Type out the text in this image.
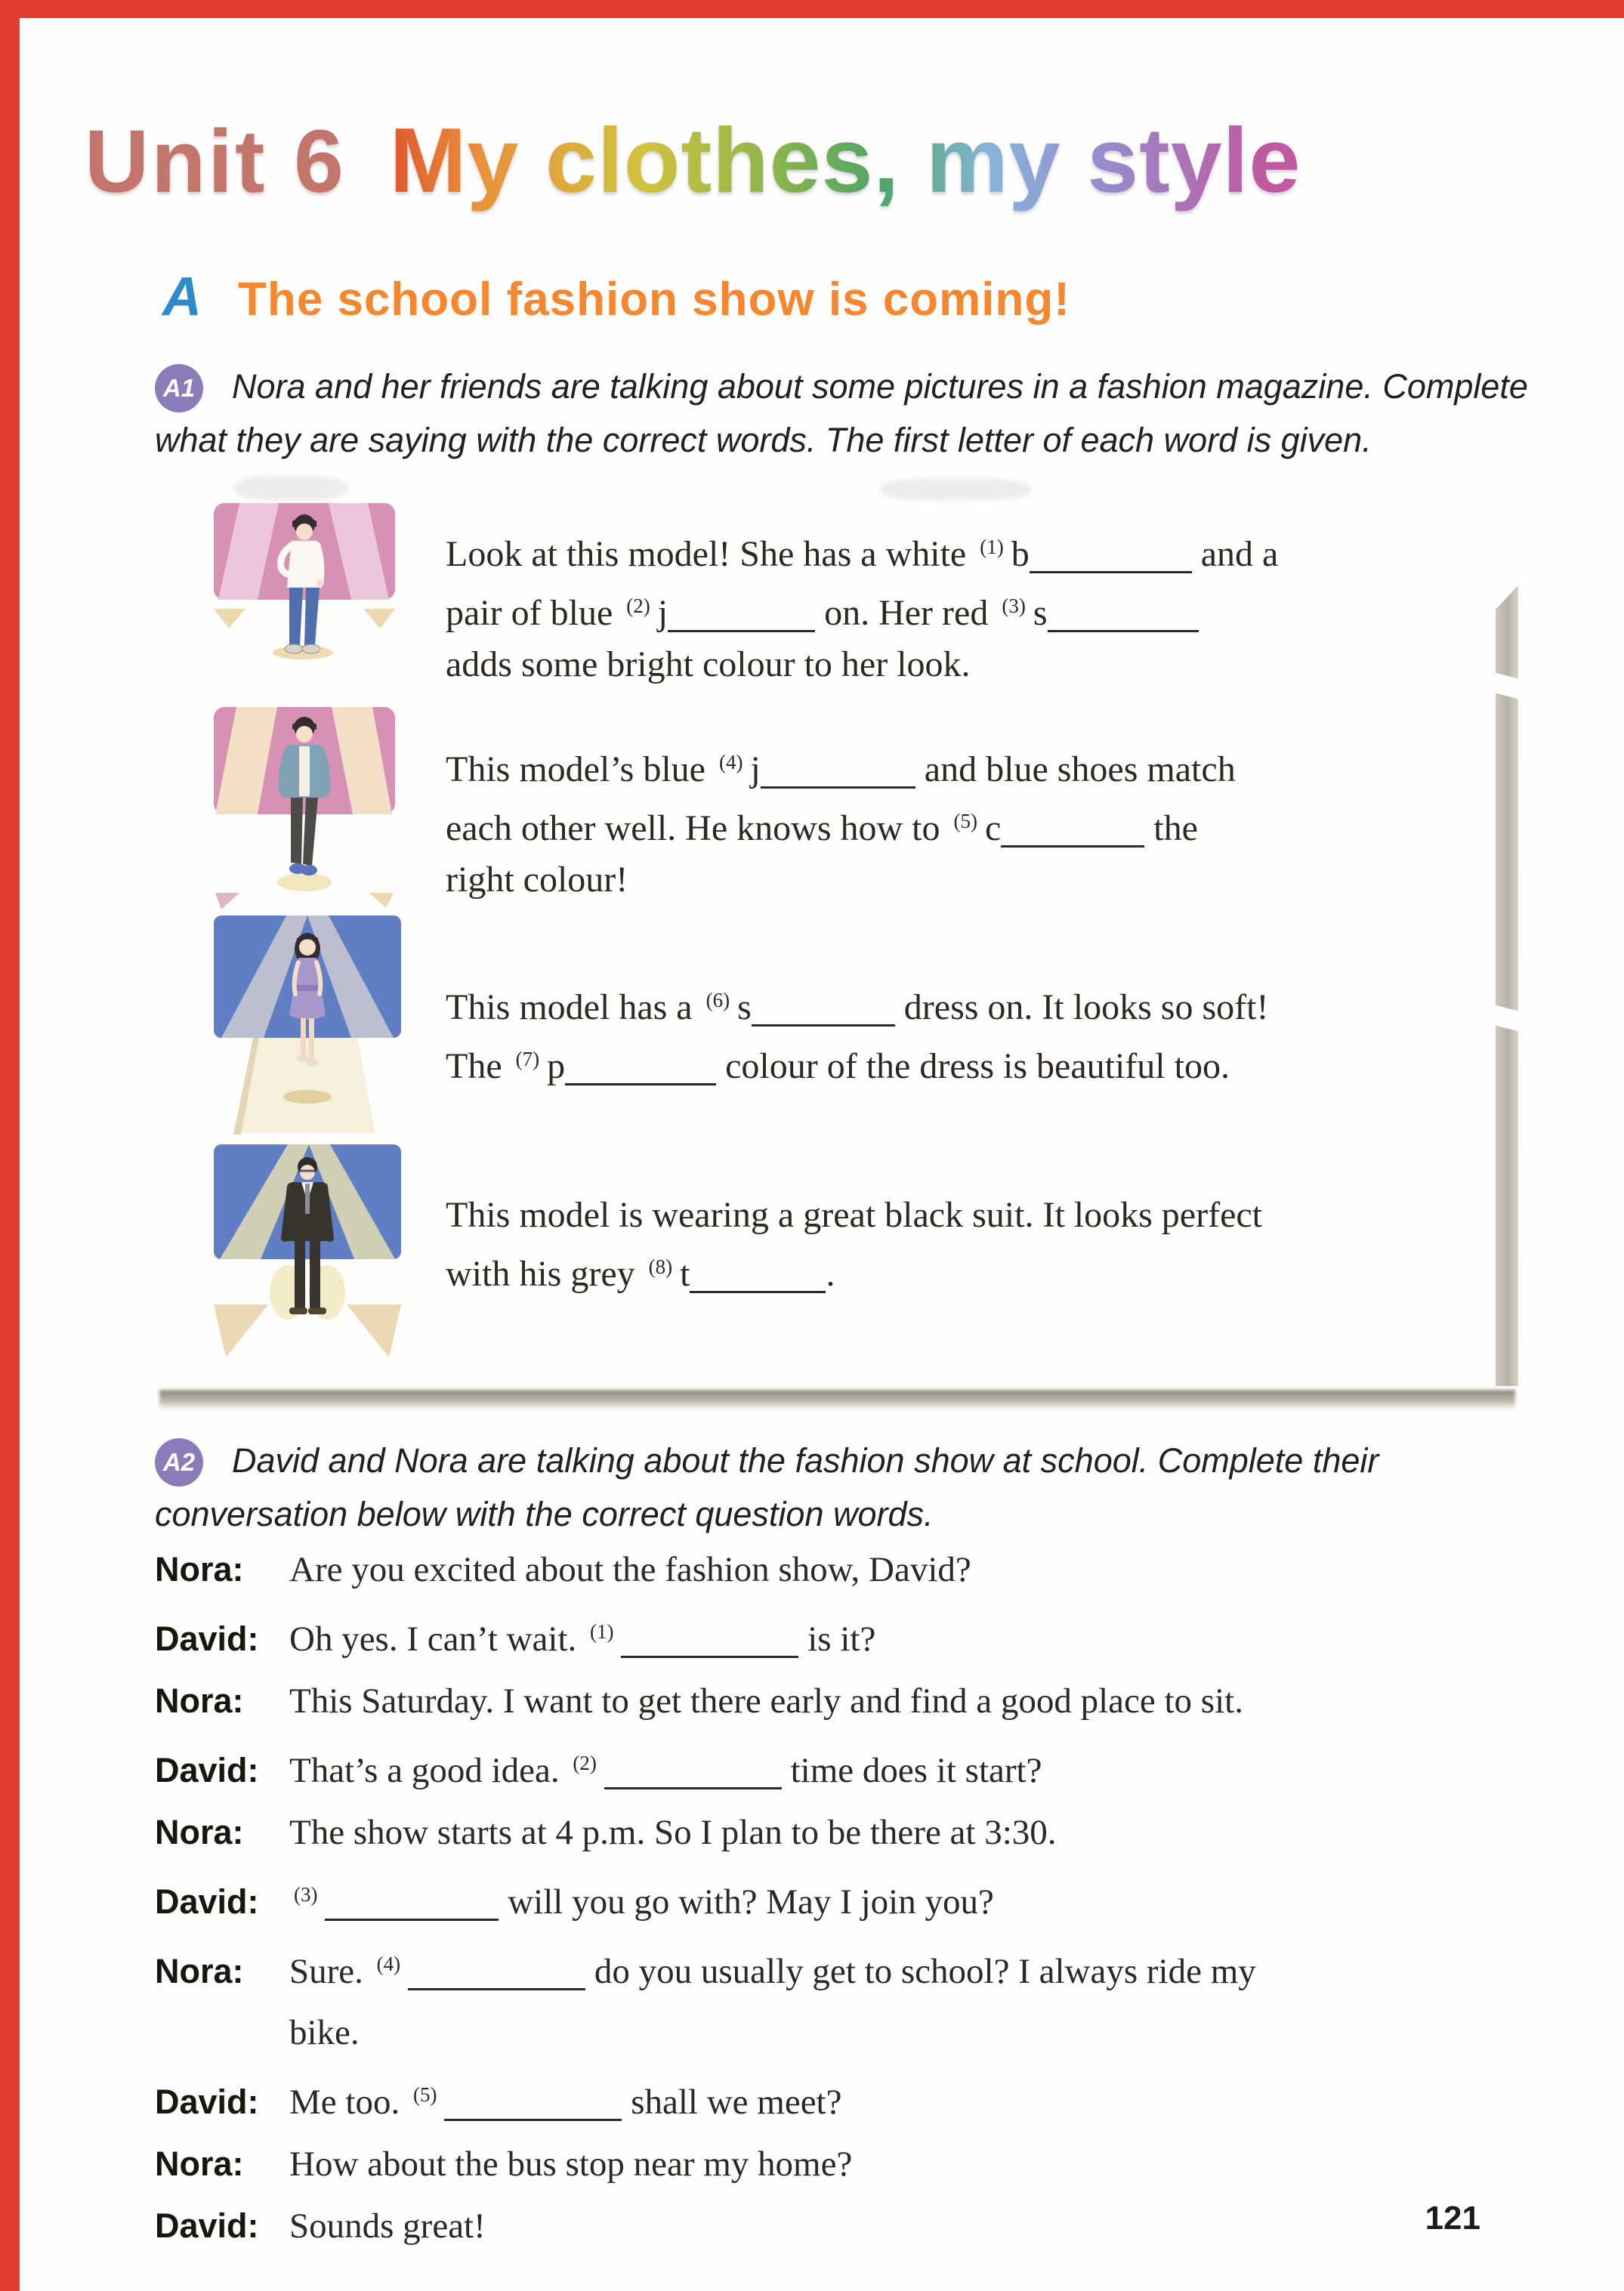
Unit 6 My clothes, my style
A The school fashion show is coming!
A1	Nora and her friends are talking about some pictures in a fashion magazine. Complete
what they are saying with the correct words. The first letter of each word is given.
Look at this model! She has a white $^{(1)}$ b	and a
pair of blue $^{(2)}$ j	on. Her red $^{(3)}$ s
adds some bright colour to her look.
This model’s blue $^{(4)}$ j	and blue shoes match
each other well. He knows how to $^{(5)}$ c	the
right colour!
This model has a $^{(6)}$ s	dress on. It looks so soft!
The $^{(7)}$ p	colour of the dress is beautiful too.
This model is wearing a great black suit. It looks perfect
with his grey $^{(8)}$ t	.
A2	David and Nora are talking about the fashion show at school. Complete their
conversation below with the correct question words.
Nora:	Are you excited about the fashion show, David?
David: Oh yes. I can’t wait. $^{(1)}$	is it?
Nora:	This Saturday. I want to get there early and find a good place to sit.
David: That’s a good idea. $^{(2)}$	time does it start?
Nora:	The show starts at 4 p.m. So I plan to be there at 3:30.
David:	$^{(3)}$	will you go with? May I join you?
Nora:	Sure. $^{(4)}$	do you usually get to school? I always ride my
bike.
David: Me too. $^{(5)}$	shall we meet?
Nora:	How about the bus stop near my home?
David: Sounds great!	121
